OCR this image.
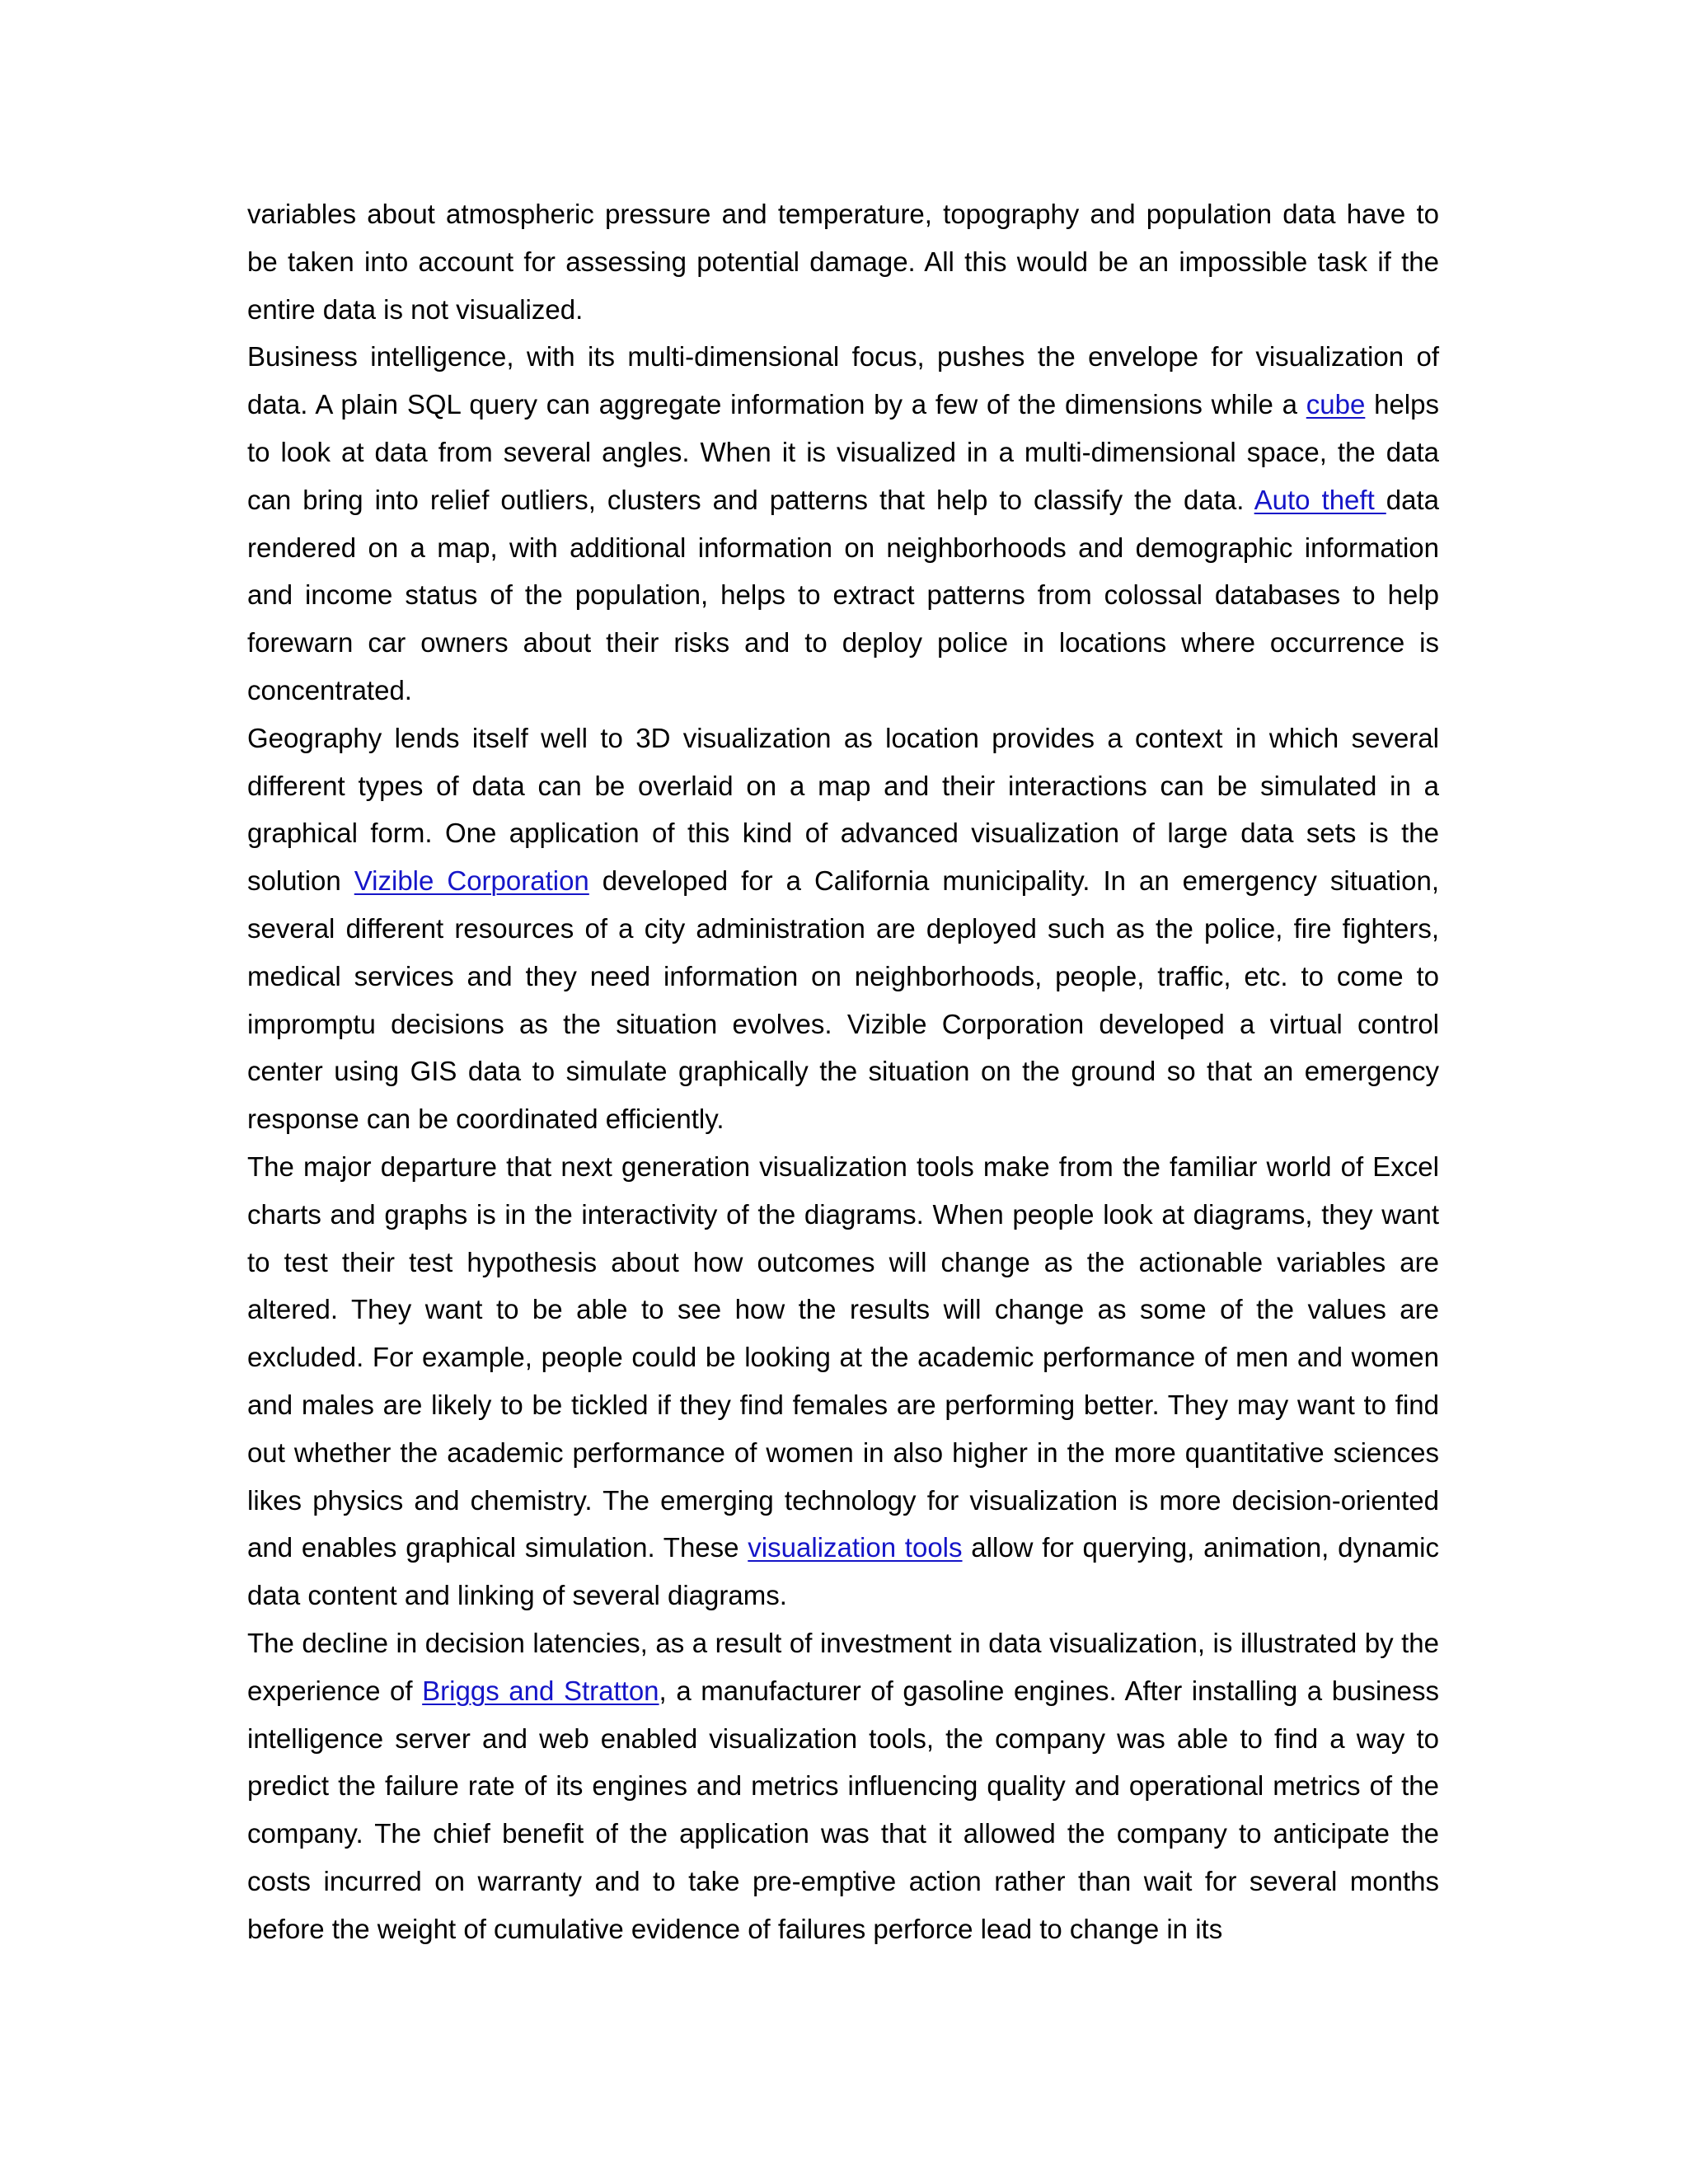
variables about atmospheric pressure and temperature, topography and population data have to be taken into account for assessing potential damage. All this would be an impossible task if the entire data is not visualized.

Business intelligence, with its multi-dimensional focus, pushes the envelope for visualization of data. A plain SQL query can aggregate information by a few of the dimensions while a cube helps to look at data from several angles. When it is visualized in a multi-dimensional space, the data can bring into relief outliers, clusters and patterns that help to classify the data. Auto theft data rendered on a map, with additional information on neighborhoods and demographic information and income status of the population, helps to extract patterns from colossal databases to help forewarn car owners about their risks and to deploy police in locations where occurrence is concentrated.

Geography lends itself well to 3D visualization as location provides a context in which several different types of data can be overlaid on a map and their interactions can be simulated in a graphical form. One application of this kind of advanced visualization of large data sets is the solution Vizible Corporation developed for a California municipality. In an emergency situation, several different resources of a city administration are deployed such as the police, fire fighters, medical services and they need information on neighborhoods, people, traffic, etc. to come to impromptu decisions as the situation evolves. Vizible Corporation developed a virtual control center using GIS data to simulate graphically the situation on the ground so that an emergency response can be coordinated efficiently.

The major departure that next generation visualization tools make from the familiar world of Excel charts and graphs is in the interactivity of the diagrams. When people look at diagrams, they want to test their test hypothesis about how outcomes will change as the actionable variables are altered. They want to be able to see how the results will change as some of the values are excluded. For example, people could be looking at the academic performance of men and women and males are likely to be tickled if they find females are performing better. They may want to find out whether the academic performance of women in also higher in the more quantitative sciences likes physics and chemistry. The emerging technology for visualization is more decision-oriented and enables graphical simulation. These visualization tools allow for querying, animation, dynamic data content and linking of several diagrams.

The decline in decision latencies, as a result of investment in data visualization, is illustrated by the experience of Briggs and Stratton, a manufacturer of gasoline engines. After installing a business intelligence server and web enabled visualization tools, the company was able to find a way to predict the failure rate of its engines and metrics influencing quality and operational metrics of the company. The chief benefit of the application was that it allowed the company to anticipate the costs incurred on warranty and to take pre-emptive action rather than wait for several months before the weight of cumulative evidence of failures perforce lead to change in its
